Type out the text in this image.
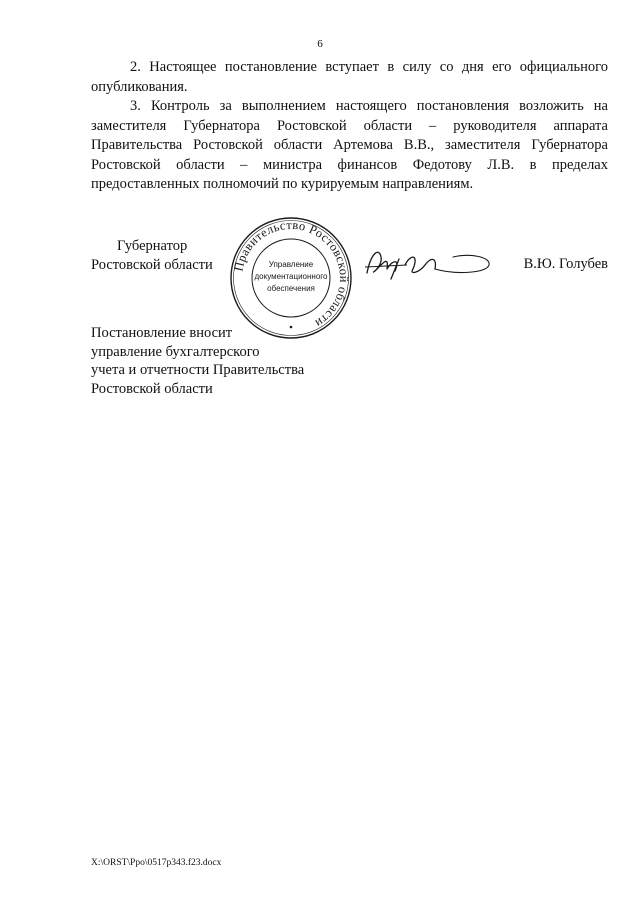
6

2. Настоящее постановление вступает в силу со дня его официального опубликования.

3. Контроль за выполнением настоящего постановления возложить на заместителя Губернатора Ростовской области – руководителя аппарата Правительства Ростовской области Артемова В.В., заместителя Губернатора Ростовской области – министра финансов Федотову Л.В. в пределах предоставленных полномочий по курируемым направлениям.

Губернатор
Ростовской области Правительство Ростовской области
Управление
документационного
обеспечения
В.Ю. Голубев
Постановление вносит
управление бухгалтерского
учета и отчетности Правительства
Ростовской области
X:\ORST\Ppo\0517p343.f23.docx
